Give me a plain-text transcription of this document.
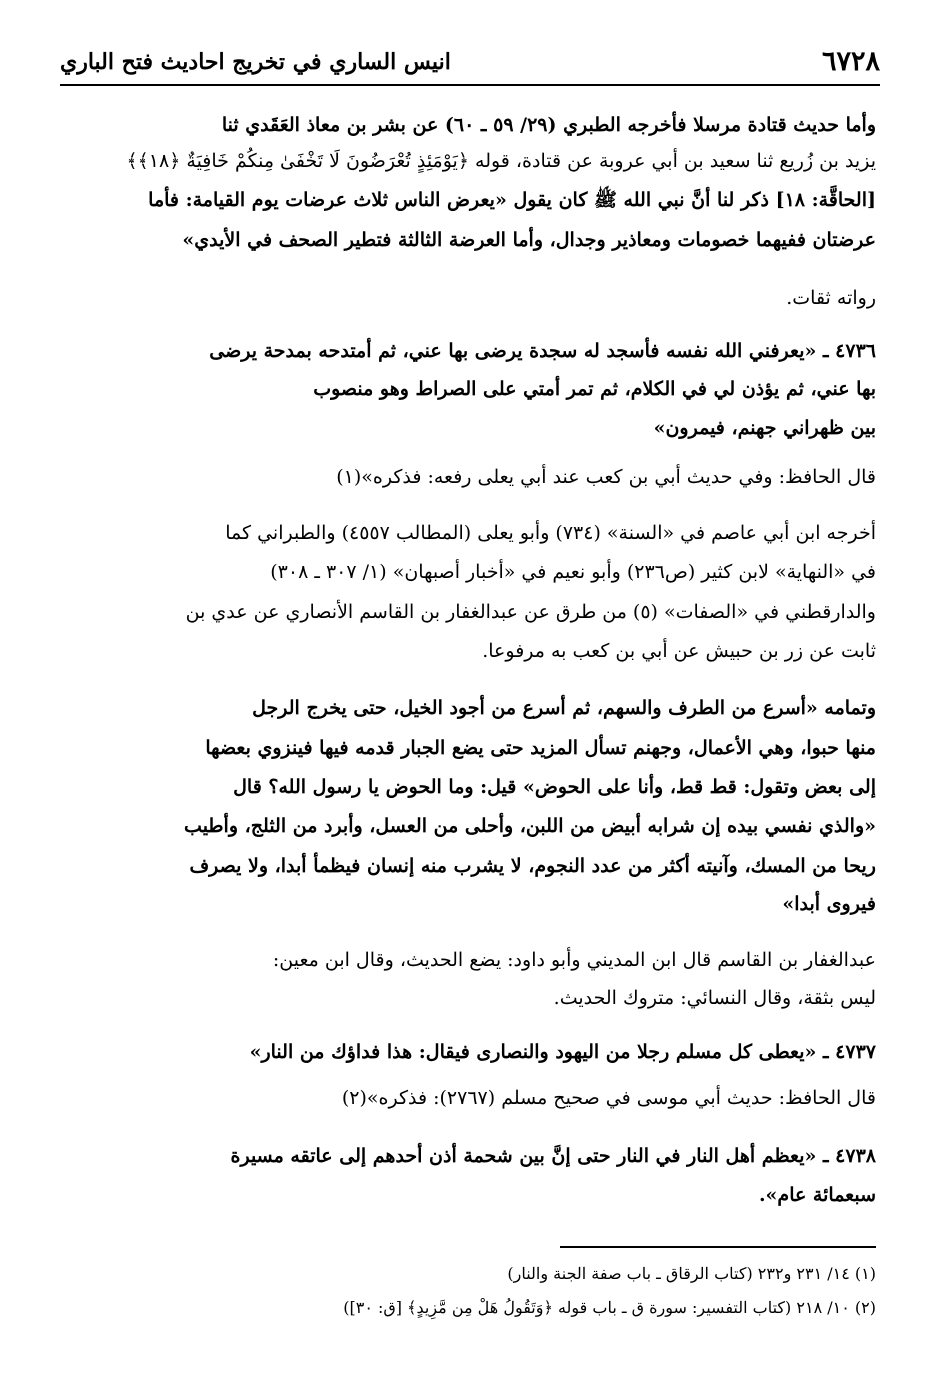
٦٧٢٨
انيس الساري في تخريج احاديث فتح الباري
وأما حديث قتادة مرسلا فأخرجه الطبري (٢٩/ ٥٩ ـ ٦٠) عن بشر بن معاذ العَقَدي ثنا
يزيد بن زُريع ثنا سعيد بن أبي عروبة عن قتادة، قوله ﴿يَوْمَئِذٍ تُعْرَضُونَ لَا تَخْفَىٰ مِنكُمْ خَافِيَةٌ ﴿١٨﴾﴾
[الحاقَّة: ١٨] ذكر لنا أنَّ نبي الله ﷺ كان يقول «يعرض الناس ثلاث عرضات يوم القيامة: فأما
عرضتان ففيهما خصومات ومعاذير وجدال، وأما العرضة الثالثة فتطير الصحف في الأيدي»
رواته ثقات.
٤٧٣٦ ـ «يعرفني الله نفسه فأسجد له سجدة يرضى بها عني، ثم أمتدحه بمدحة يرضى
بها عني، ثم يؤذن لي في الكلام، ثم تمر أمتي على الصراط وهو منصوب
بين ظهراني جهنم، فيمرون»
قال الحافظ: وفي حديث أبي بن كعب عند أبي يعلى رفعه: فذكره»(١)
أخرجه ابن أبي عاصم في «السنة» (٧٣٤) وأبو يعلى (المطالب ٤٥٥٧) والطبراني كما
في «النهاية» لابن كثير (ص٢٣٦) وأبو نعيم في «أخبار أصبهان» (١/ ٣٠٧ ـ ٣٠٨)
والدارقطني في «الصفات» (٥) من طرق عن عبدالغفار بن القاسم الأنصاري عن عدي بن
ثابت عن زر بن حبيش عن أبي بن كعب به مرفوعا.
وتمامه «أسرع من الطرف والسهم، ثم أسرع من أجود الخيل، حتى يخرج الرجل
منها حبوا، وهي الأعمال، وجهنم تسأل المزيد حتى يضع الجبار قدمه فيها فينزوي بعضها
إلى بعض وتقول: قط قط، وأنا على الحوض» قيل: وما الحوض يا رسول الله؟ قال
«والذي نفسي بيده إن شرابه أبيض من اللبن، وأحلى من العسل، وأبرد من الثلج، وأطيب
ريحا من المسك، وآنيته أكثر من عدد النجوم، لا يشرب منه إنسان فيظمأ أبدا، ولا يصرف
فيروى أبدا»
عبدالغفار بن القاسم قال ابن المديني وأبو داود: يضع الحديث، وقال ابن معين:
ليس بثقة، وقال النسائي: متروك الحديث.
٤٧٣٧ ـ «يعطى كل مسلم رجلا من اليهود والنصارى فيقال: هذا فداؤك من النار»
قال الحافظ: حديث أبي موسى في صحيح مسلم (٢٧٦٧): فذكره»(٢)
٤٧٣٨ ـ «يعظم أهل النار في النار حتى إنَّ بين شحمة أذن أحدهم إلى عاتقه مسيرة
سبعمائة عام».
(١) ١٤/ ٢٣١ و٢٣٢ (كتاب الرقاق ـ باب صفة الجنة والنار)
(٢) ١٠/ ٢١٨ (كتاب التفسير: سورة ق ـ باب قوله ﴿وَتَقُولُ هَلْ مِن مَّزِيدٍ﴾ [ق: ٣٠])
